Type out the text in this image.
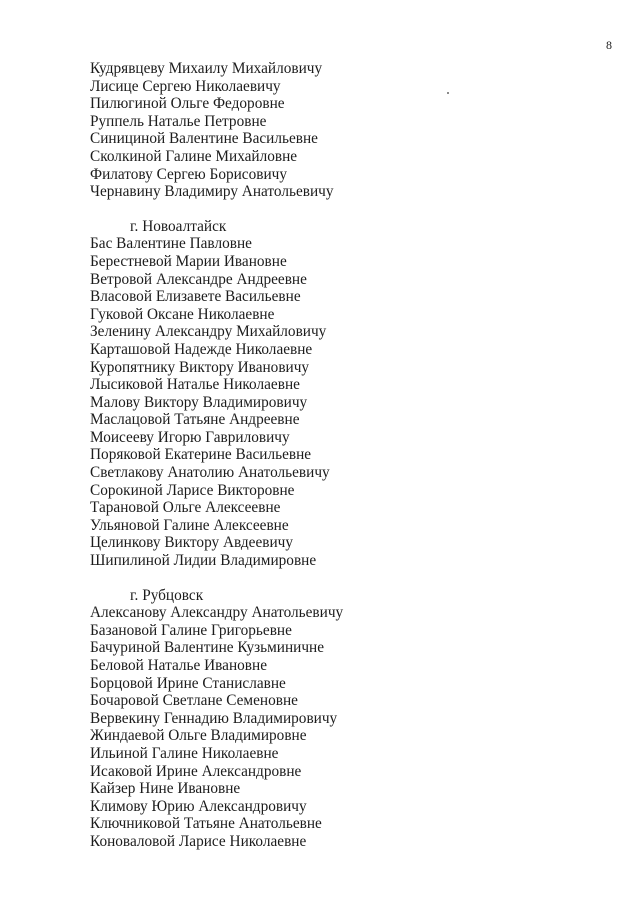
8
Кудрявцеву Михаилу Михайловичу
Лисице Сергею Николаевичу
Пилюгиной Ольге Федоровне
Руппель Наталье Петровне
Синициной Валентине Васильевне
Сколкиной Галине Михайловне
Филатову Сергею Борисовичу
Чернавину Владимиру Анатольевичу
г. Новоалтайск
Бас Валентине Павловне
Берестневой Марии Ивановне
Ветровой Александре Андреевне
Власовой Елизавете Васильевне
Гуковой Оксане Николаевне
Зеленину Александру Михайловичу
Карташовой Надежде Николаевне
Куропятнику Виктору Ивановичу
Лысиковой Наталье Николаевне
Малову Виктору Владимировичу
Маслацовой Татьяне Андреевне
Моисееву Игорю Гавриловичу
Поряковой Екатерине Васильевне
Светлакову Анатолию Анатольевичу
Сорокиной Ларисе Викторовне
Тарановой Ольге Алексеевне
Ульяновой Галине Алексеевне
Целинкову Виктору Авдеевичу
Шипилиной Лидии Владимировне
г. Рубцовск
Алексанову Александру Анатольевичу
Базановой Галине Григорьевне
Бачуриной Валентине Кузьминичне
Беловой Наталье Ивановне
Борцовой Ирине Станиславне
Бочаровой Светлане Семеновне
Вервекину Геннадию Владимировичу
Жиндаевой Ольге Владимировне
Ильиной Галине Николаевне
Исаковой Ирине Александровне
Кайзер Нине Ивановне
Климову Юрию Александровичу
Ключниковой Татьяне Анатольевне
Коноваловой Ларисе Николаевне
